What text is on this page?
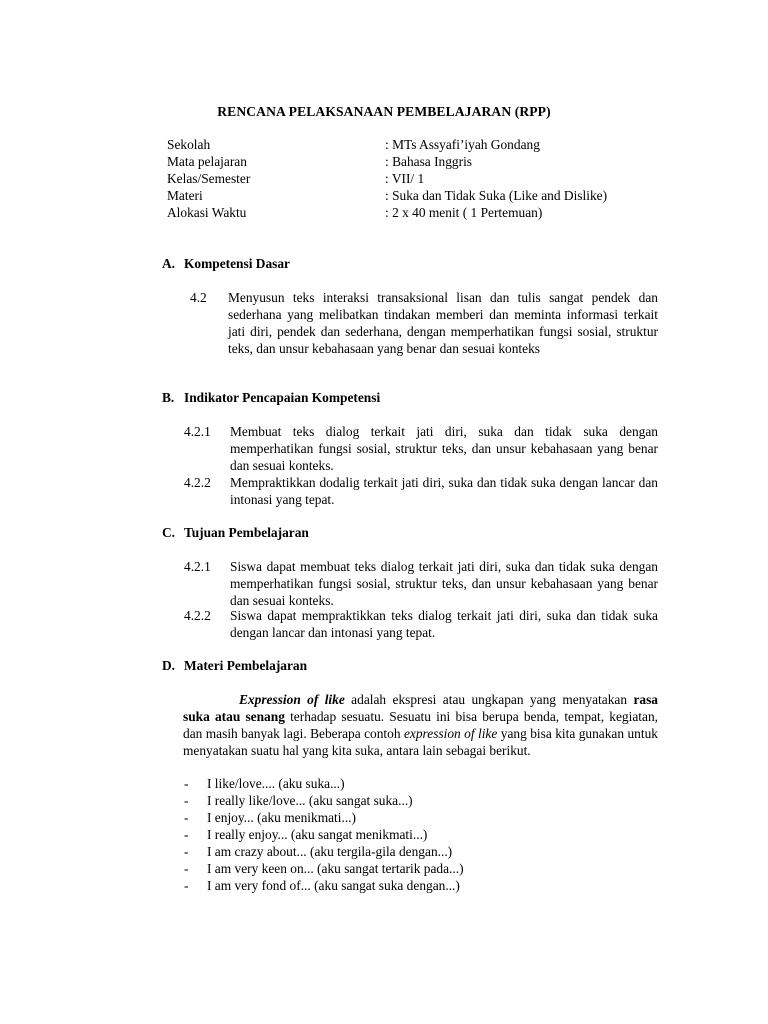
RENCANA PELAKSANAAN PEMBELAJARAN (RPP)
Sekolah	: MTs Assyafi’iyah Gondang
Mata pelajaran	: Bahasa Inggris
Kelas/Semester	: VII/ 1
Materi	: Suka dan Tidak Suka (Like and Dislike)
Alokasi Waktu	: 2 x 40 menit ( 1 Pertemuan)
A. Kompetensi Dasar
4.2 Menyusun teks interaksi transaksional lisan dan tulis sangat pendek dan sederhana yang melibatkan tindakan memberi dan meminta informasi terkait jati diri, pendek dan sederhana, dengan memperhatikan fungsi sosial, struktur teks, dan unsur kebahasaan yang benar dan sesuai konteks
B. Indikator Pencapaian Kompetensi
4.2.1 Membuat teks dialog terkait jati diri, suka dan tidak suka dengan memperhatikan fungsi sosial, struktur teks, dan unsur kebahasaan yang benar dan sesuai konteks.
4.2.2 Mempraktikkan dodalig terkait jati diri, suka dan tidak suka dengan lancar dan intonasi yang tepat.
C. Tujuan Pembelajaran
4.2.1 Siswa dapat membuat teks dialog terkait jati diri, suka dan tidak suka dengan memperhatikan fungsi sosial, struktur teks, dan unsur kebahasaan yang benar dan sesuai konteks.
4.2.2 Siswa dapat mempraktikkan teks dialog terkait jati diri, suka dan tidak suka dengan lancar dan intonasi yang tepat.
D. Materi Pembelajaran
Expression of like adalah ekspresi atau ungkapan yang menyatakan rasa suka atau senang terhadap sesuatu. Sesuatu ini bisa berupa benda, tempat, kegiatan, dan masih banyak lagi. Beberapa contoh expression of like yang bisa kita gunakan untuk menyatakan suatu hal yang kita suka, antara lain sebagai berikut.
- I like/love.... (aku suka...)
- I really like/love... (aku sangat suka...)
- I enjoy... (aku menikmati...)
- I really enjoy... (aku sangat menikmati...)
- I am crazy about... (aku tergila-gila dengan...)
- I am very keen on... (aku sangat tertarik pada...)
- I am very fond of... (aku sangat suka dengan...)
